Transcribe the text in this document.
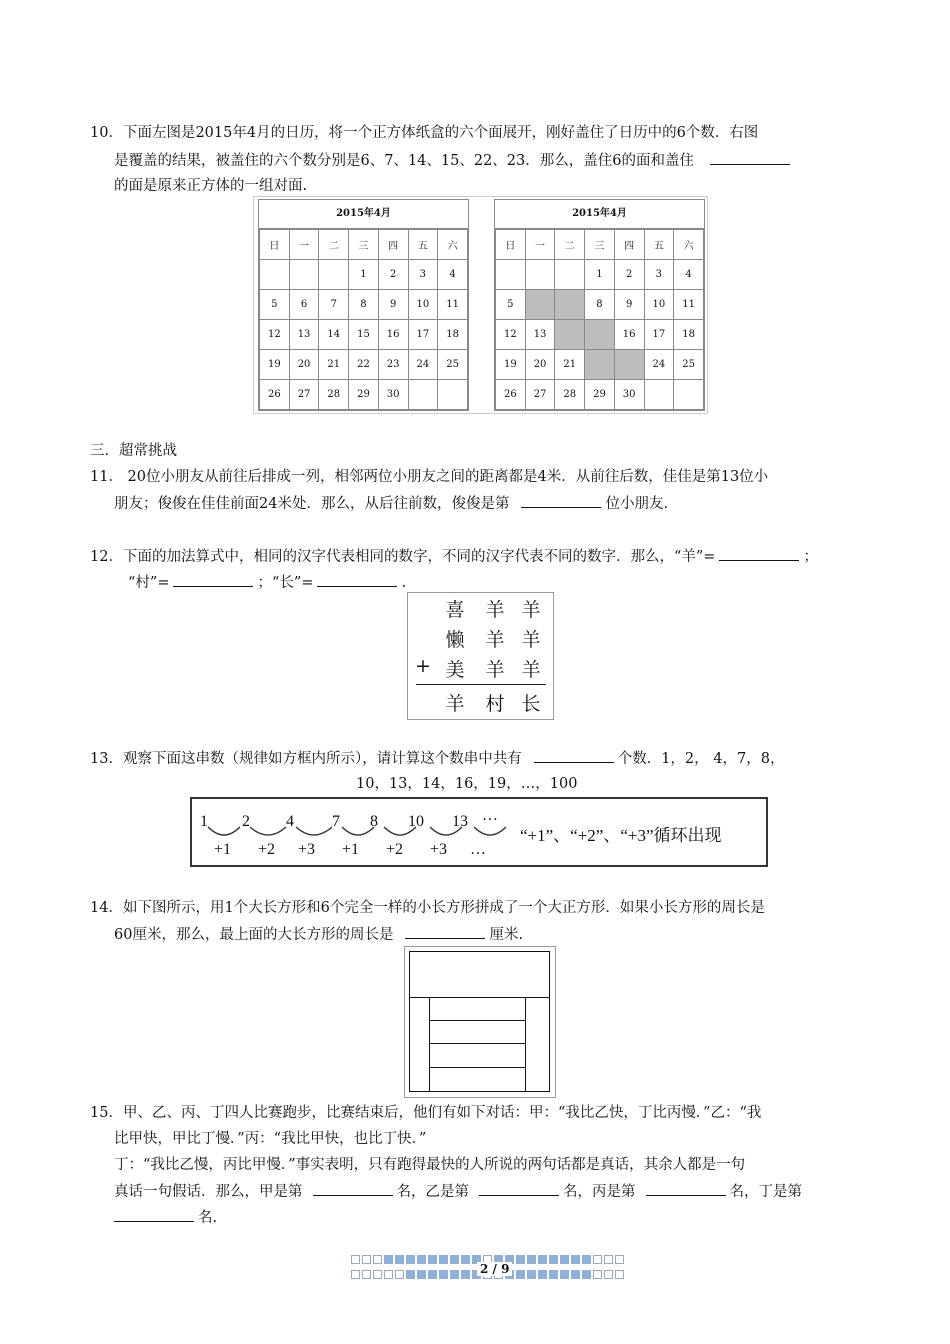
10．下面左图是2015年4月的日历，将一个正方体纸盒的六个面展开，刚好盖住了日历中的6个数．右图
是覆盖的结果，被盖住的六个数分别是6、7、14、15、22、23．那么，盖住6的面和盖住
的面是原来正方体的一组对面.
2015年4月
日	一	二	三	四	五	六
			1	2	3	4
5	6	7	8	9	10	11
12	13	14	15	16	17	18
19	20	21	22	23	24	25
26	27	28	29	30		
2015年4月
日	一	二	三	四	五	六
			1	2	3	4
5			8	9	10	11
12	13			16	17	18
19	20	21			24	25
26	27	28	29	30		
三．超常挑战
11． 20位小朋友从前往后排成一列，相邻两位小朋友之间的距离都是4米．从前往后数，佳佳是第13位小
朋友；俊俊在佳佳前面24米处．那么，从后往前数，俊俊是第	位小朋友.
12．下面的加法算式中，相同的汉字代表相同的数字，不同的汉字代表不同的数字．那么，“羊”=	；
“村”=	；“长”=	.
喜 羊 羊
懒 羊 羊
+ 美 羊 羊
羊 村 长
13．观察下面这串数（规律如方框内所示），请计算这个数串中共有	个数．1，2， 4，7，8，
10，13，14，16，19，…，100
1 2 4 7 8 10 13 …
+1 +2 +3 +1 +2 +3 …
“+1”、“+2”、“+3”循环出现
14．如下图所示，用1个大长方形和6个完全一样的小长方形拼成了一个大正方形．如果小长方形的周长是
60厘米，那么，最上面的大长方形的周长是	厘米.
15．甲、乙、丙、丁四人比赛跑步，比赛结束后，他们有如下对话：甲：“我比乙快，丁比丙慢．”乙：“我
比甲快，甲比丁慢．”丙：“我比甲快，也比丁快．”
丁：“我比乙慢，丙比甲慢．”事实表明，只有跑得最快的人所说的两句话都是真话，其余人都是一句
真话一句假话．那么，甲是第	名，乙是第	名，丙是第	名，丁是第
名.
2 / 9
